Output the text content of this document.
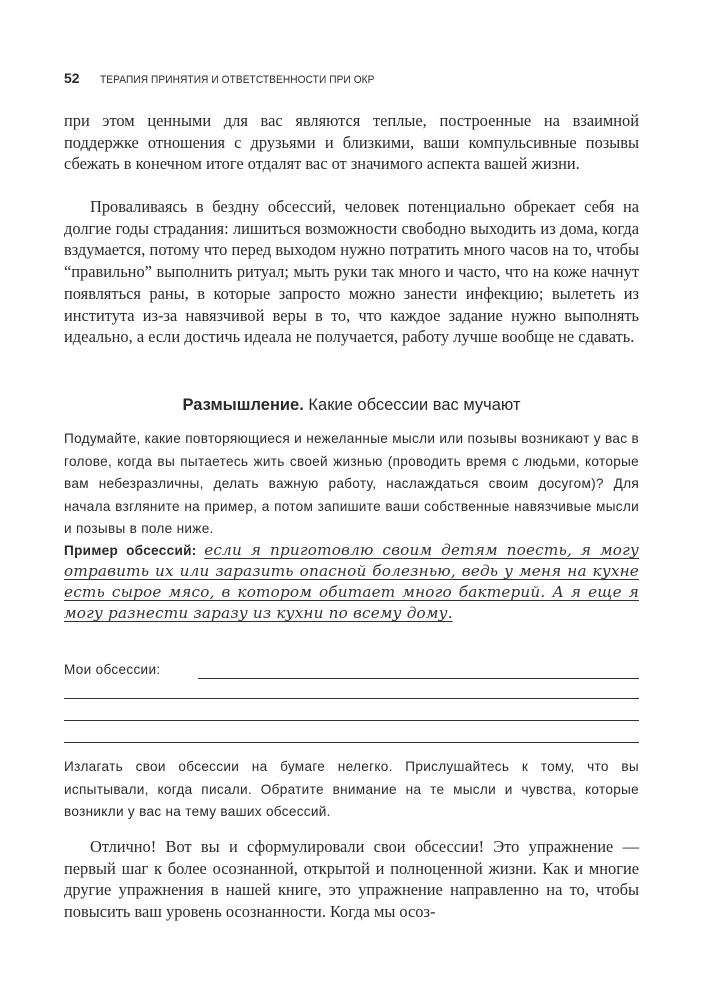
52 ТЕРАПИЯ ПРИНЯТИЯ И ОТВЕТСТВЕННОСТИ ПРИ ОКР

при этом ценными для вас являются теплые, построенные на взаимной поддержке отношения с друзьями и близкими, ваши компульсивные позывы сбежать в конечном итоге отдалят вас от значимого аспекта вашей жизни.

Проваливаясь в бездну обсессий, человек потенциально обрекает себя на долгие годы страдания: лишиться возможности свободно выходить из дома, когда вздумается, потому что перед выходом нужно потратить много часов на то, чтобы “правильно” выполнить ритуал; мыть руки так много и часто, что на коже начнут появляться раны, в которые запросто можно занести инфекцию; вылететь из института из-за навязчивой веры в то, что каждое задание нужно выполнять идеально, а если достичь идеала не получается, работу лучше вообще не сдавать.

Размышление. Какие обсессии вас мучают

Подумайте, какие повторяющиеся и нежеланные мысли или позывы возникают у вас в голове, когда вы пытаетесь жить своей жизнью (проводить время с людьми, которые вам небезразличны, делать важную работу, наслаждаться своим досугом)? Для начала взгляните на пример, а потом запишите ваши собственные навязчивые мысли и позывы в поле ниже.

Пример обсессий: если я приготовлю своим детям поесть, я могу отравить их или заразить опасной болезнью, ведь у меня на кухне есть сырое мясо, в котором обитает много бактерий. А я еще я могу разнести заразу из кухни по всему дому.
Мои обсессии:

Излагать свои обсессии на бумаге нелегко. Прислушайтесь к тому, что вы испытывали, когда писали. Обратите внимание на те мысли и чувства, которые возникли у вас на тему ваших обсессий.

Отлично! Вот вы и сформулировали свои обсессии! Это упражнение — первый шаг к более осознанной, открытой и полноценной жизни. Как и многие другие упражнения в нашей книге, это упражнение направленно на то, чтобы повысить ваш уровень осознанности. Когда мы осоз-
